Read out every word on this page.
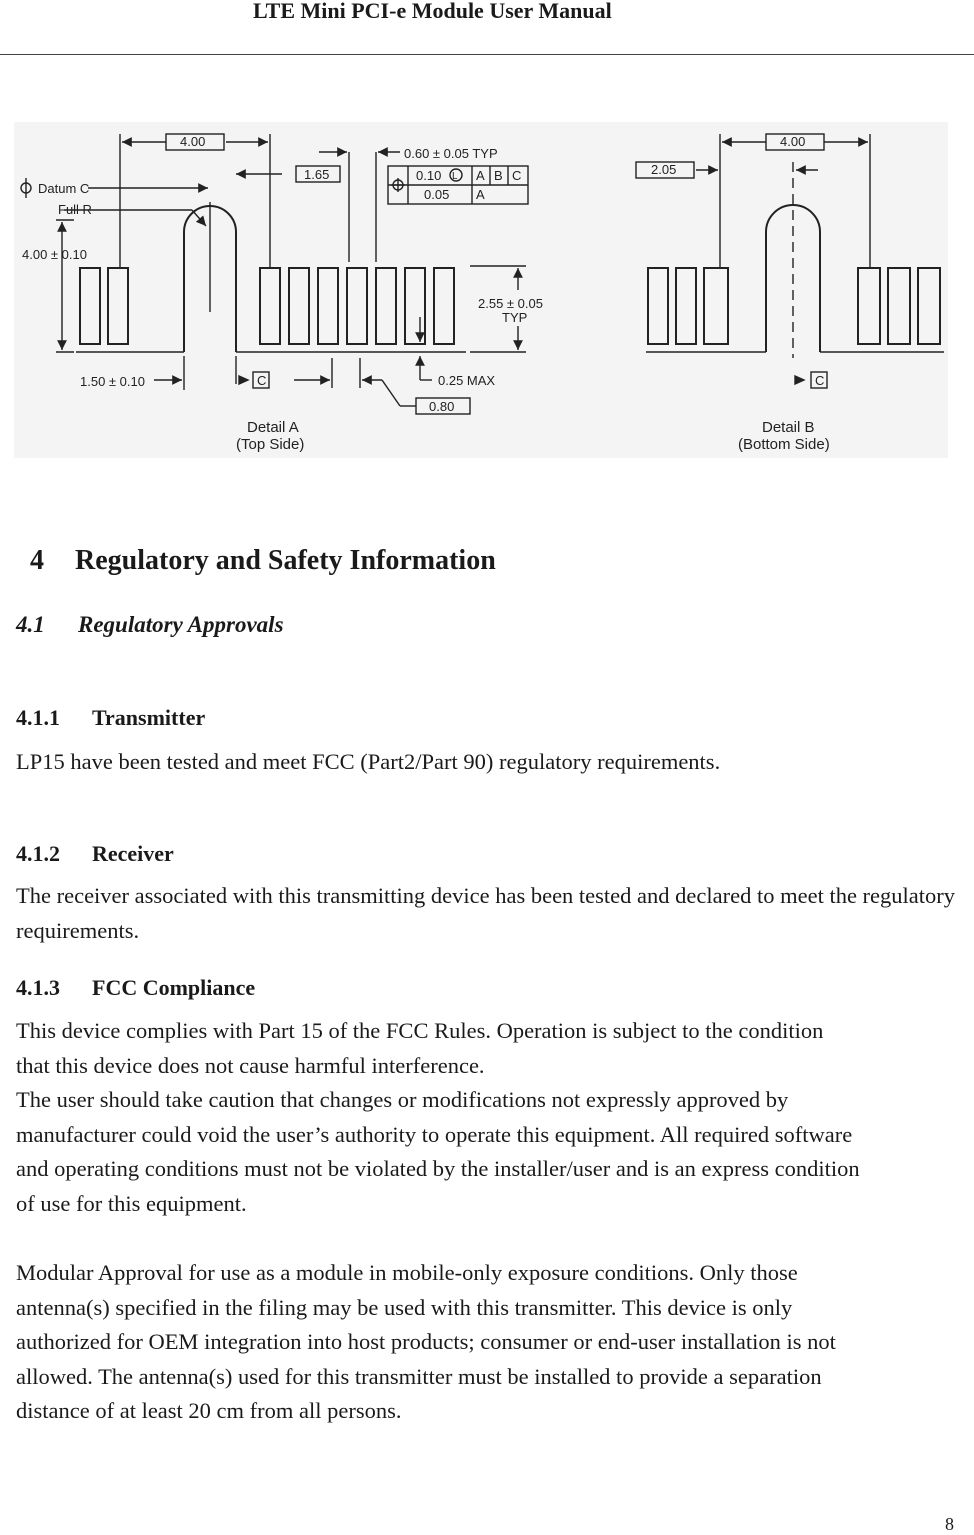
LTE Mini PCI-e Module User Manual
4.00
1.65
0.60 ± 0.05 TYP
0.10 L A B C
0.05 A
Datum C
Full R
4.00 ± 0.10
2.55 ± 0.05
TYP
1.50 ± 0.10	C	0.25 MAX
0.80
Detail A
(Top Side)
4.00
2.05
C
Detail B
(Bottom Side)
4 Regulatory and Safety Information
4.1 Regulatory Approvals
4.1.1 Transmitter

LP15 have been tested and meet FCC (Part2/Part 90) regulatory requirements.

4.1.2 Receiver

The receiver associated with this transmitting device has been tested and declared to meet the regulatory requirements.

4.1.3 FCC Compliance
This device complies with Part 15 of the FCC Rules. Operation is subject to the condition
that this device does not cause harmful interference.
The user should take caution that changes or modifications not expressly approved by
manufacturer could void the user’s authority to operate this equipment. All required software
and operating conditions must not be violated by the installer/user and is an express condition
of use for this equipment.
Modular Approval for use as a module in mobile-only exposure conditions. Only those
antenna(s) specified in the filing may be used with this transmitter. This device is only
authorized for OEM integration into host products; consumer or end-user installation is not
allowed. The antenna(s) used for this transmitter must be installed to provide a separation
distance of at least 20 cm from all persons.
8
